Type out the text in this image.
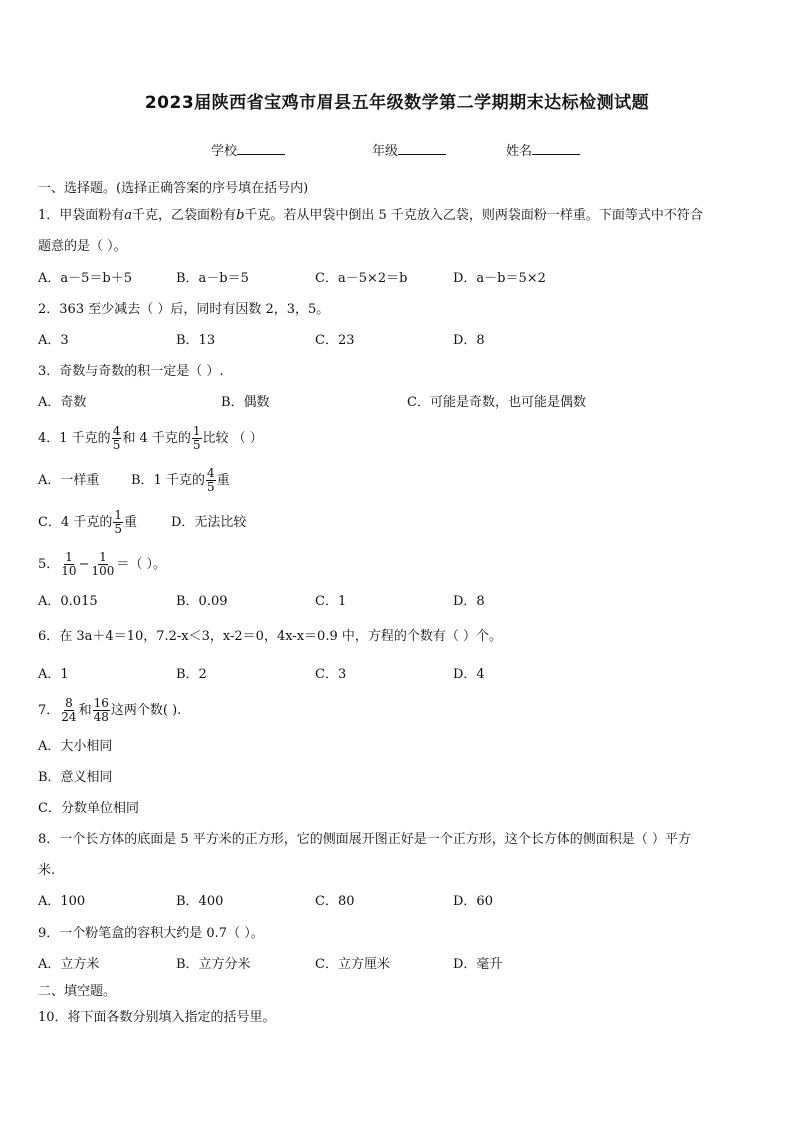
2023届陕西省宝鸡市眉县五年级数学第二学期期末达标检测试题
学校	年级	姓名
一、选择题。(选择正确答案的序号填在括号内)
1．甲袋面粉有a千克，乙袋面粉有b千克。若从甲袋中倒出 5 千克放入乙袋，则两袋面粉一样重。下面等式中不符合
题意的是（ ）。
A．a－5＝b＋5	B．a－b＝5	C．a－5×2＝b	D．a－b＝5×2
2．363 至少减去（ ）后，同时有因数 2，3，5。
A．3	B．13	C．23	D．8
3．奇数与奇数的积一定是（ ）.
A．奇数	B．偶数	C．可能是奇数，也可能是偶数
4．1 千克的 $\frac{4}{5}$ 和 4 千克的 $\frac{1}{5}$ 比较 （ ）
A．一样重 B．1 千克的 $\frac{4}{5}$ 重
C．4 千克的 $\frac{1}{5}$ 重	D．无法比较
5． $\frac{1}{10} - \frac{1}{100}$ ＝（ ）。
A．0.015	B．0.09	C．1	D．8
6．在 3a＋4＝10，7.2-x＜3，x-2＝0，4x-x＝0.9 中，方程的个数有（ ）个。
A．1	B．2	C．3	D．4
7． $\frac{8}{24}$ 和 $\frac{16}{48}$ 这两个数( ).
A．大小相同
B．意义相同
C．分数单位相同
8．一个长方体的底面是 5 平方米的正方形，它的侧面展开图正好是一个正方形，这个长方体的侧面积是（ ）平方
米.
A．100	B．400	C．80	D．60
9．一个粉笔盒的容积大约是 0.7（ ）。
A．立方米	B．立方分米	C．立方厘米	D．毫升
二、填空题。
10．将下面各数分别填入指定的括号里。
